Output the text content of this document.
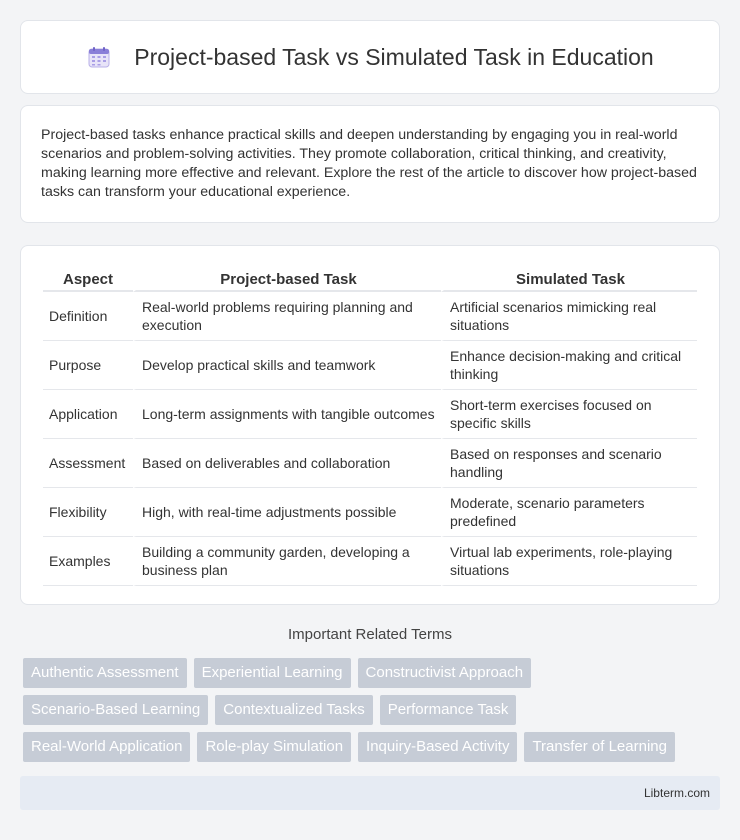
Project-based Task vs Simulated Task in Education

Project-based tasks enhance practical skills and deepen understanding by engaging you in real-world scenarios and problem-solving activities. They promote collaboration, critical thinking, and creativity, making learning more effective and relevant. Explore the rest of the article to discover how project-based tasks can transform your educational experience.

Aspect	Project-based Task	Simulated Task
Definition	Real-world problems requiring planning and execution	Artificial scenarios mimicking real situations
Purpose	Develop practical skills and teamwork	Enhance decision-making and critical thinking
Application	Long-term assignments with tangible outcomes	Short-term exercises focused on specific skills
Assessment	Based on deliverables and collaboration	Based on responses and scenario handling
Flexibility	High, with real-time adjustments possible	Moderate, scenario parameters predefined
Examples	Building a community garden, developing a business plan	Virtual lab experiments, role-playing situations
Important Related Terms
Authentic Assessment	Experiential Learning	Constructivist Approach
Scenario-Based Learning	Contextualized Tasks	Performance Task
Real-World Application	Role-play Simulation	Inquiry-Based Activity	Transfer of Learning
Libterm.com
